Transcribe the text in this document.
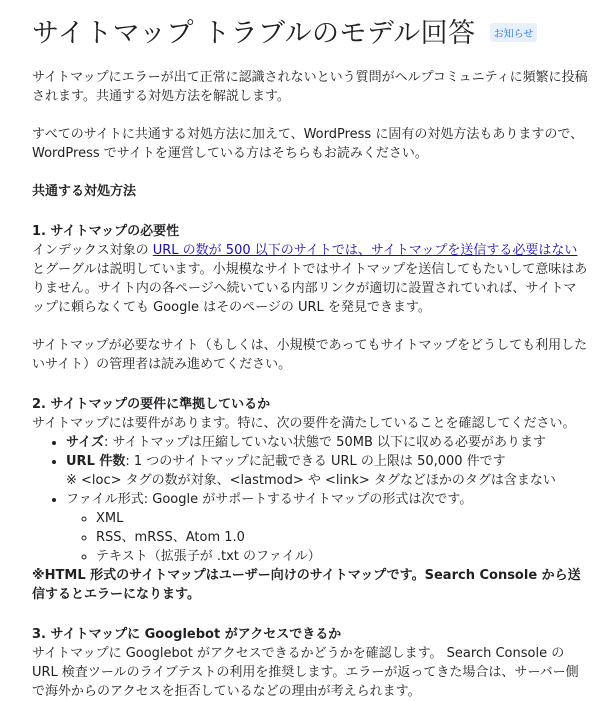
サイトマップ トラブルのモデル回答	お知らせ

サイトマップにエラーが出て正常に認識されないという質問がヘルプコミュニティに頻繁に投稿されます。共通する対処方法を解説します。

すべてのサイトに共通する対処方法に加えて、WordPress に固有の対処方法もありますので、WordPress でサイトを運営している方はそちらもお読みください。

共通する対処方法

1. サイトマップの必要性

インデックス対象の URL の数が 500 以下のサイトでは、サイトマップを送信する必要はないとグーグルは説明しています。小規模なサイトではサイトマップを送信してもたいして意味はありません。サイト内の各ページへ続いている内部リンクが適切に設置されていれば、サイトマップに頼らなくても Google はそのページの URL を発見できます。

サイトマップが必要なサイト（もしくは、小規模であってもサイトマップをどうしても利用したいサイト）の管理者は読み進めてください。

2. サイトマップの要件に準拠しているか

サイトマップには要件があります。特に、次の要件を満たしていることを確認してください。

• サイズ: サイトマップは圧縮していない状態で 50MB 以下に収める必要があります
• URL 件数: 1 つのサイトマップに記載できる URL の上限は 50,000 件です
※ <loc> タグの数が対象、<lastmod> や <link> タグなどほかのタグは含まない
• ファイル形式: Google がサポートするサイトマップの形式は次です。
◦ XML
◦ RSS、mRSS、Atom 1.0
◦ テキスト（拡張子が .txt のファイル）

※HTML 形式のサイトマップはユーザー向けのサイトマップです。Search Console から送信するとエラーになります。

3. サイトマップに Googlebot がアクセスできるか

サイトマップに Googlebot がアクセスできるかどうかを確認します。 Search Console の URL 検査ツールのライブテストの利用を推奨します。エラーが返ってきた場合は、サーバー側で海外からのアクセスを拒否しているなどの理由が考えられます。
